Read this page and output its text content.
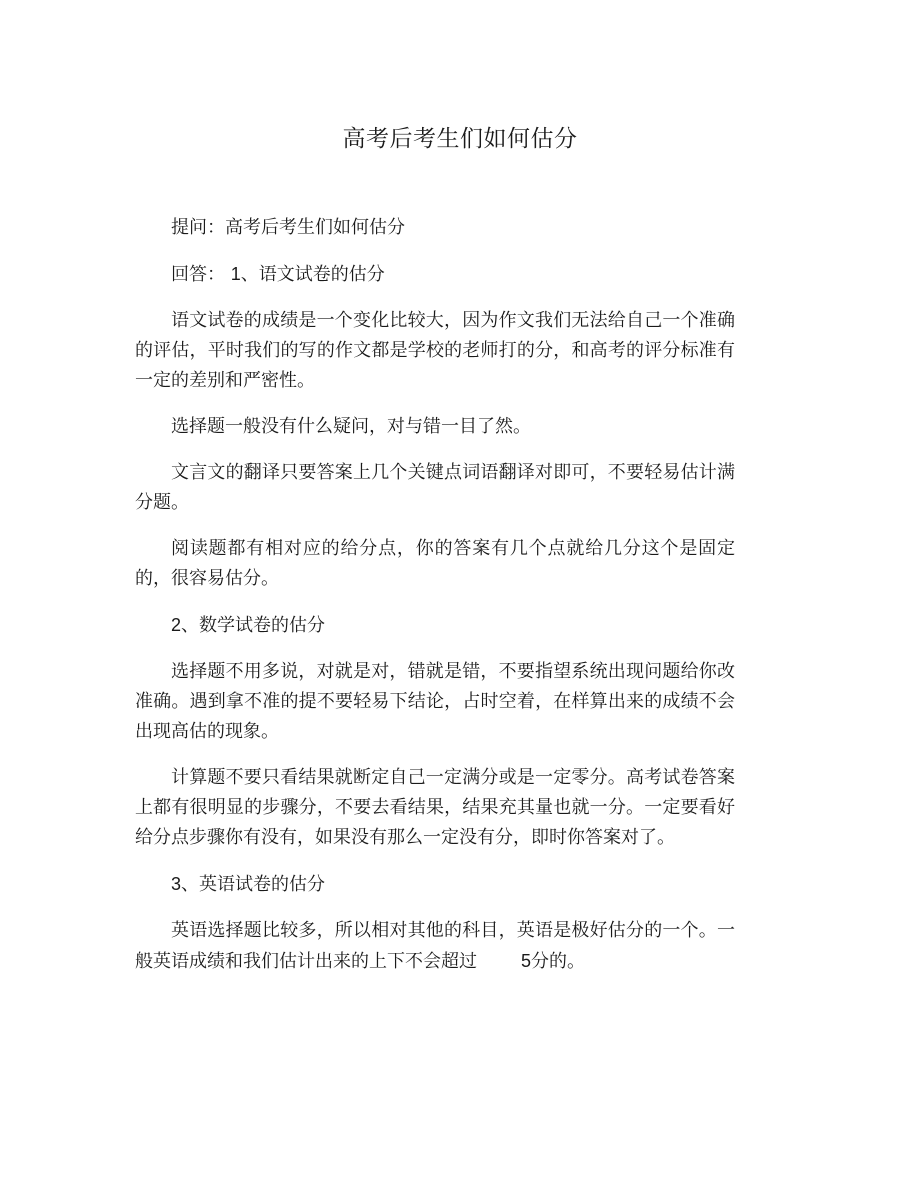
高考后考生们如何估分

提问：高考后考生们如何估分

回答： 1、语文试卷的估分

语文试卷的成绩是一个变化比较大，因为作文我们无法给自己一个准确的评估，平时我们的写的作文都是学校的老师打的分，和高考的评分标准有一定的差别和严密性。

选择题一般没有什么疑问，对与错一目了然。

文言文的翻译只要答案上几个关键点词语翻译对即可，不要轻易估计满分题。

阅读题都有相对应的给分点，你的答案有几个点就给几分这个是固定的，很容易估分。

2、数学试卷的估分

选择题不用多说，对就是对，错就是错，不要指望系统出现问题给你改准确。遇到拿不准的提不要轻易下结论，占时空着，在样算出来的成绩不会出现高估的现象。

计算题不要只看结果就断定自己一定满分或是一定零分。高考试卷答案上都有很明显的步骤分，不要去看结果，结果充其量也就一分。一定要看好给分点步骤你有没有，如果没有那么一定没有分，即时你答案对了。

3、英语试卷的估分

英语选择题比较多，所以相对其他的科目，英语是极好估分的一个。一般英语成绩和我们估计出来的上下不会超过 5分的。
